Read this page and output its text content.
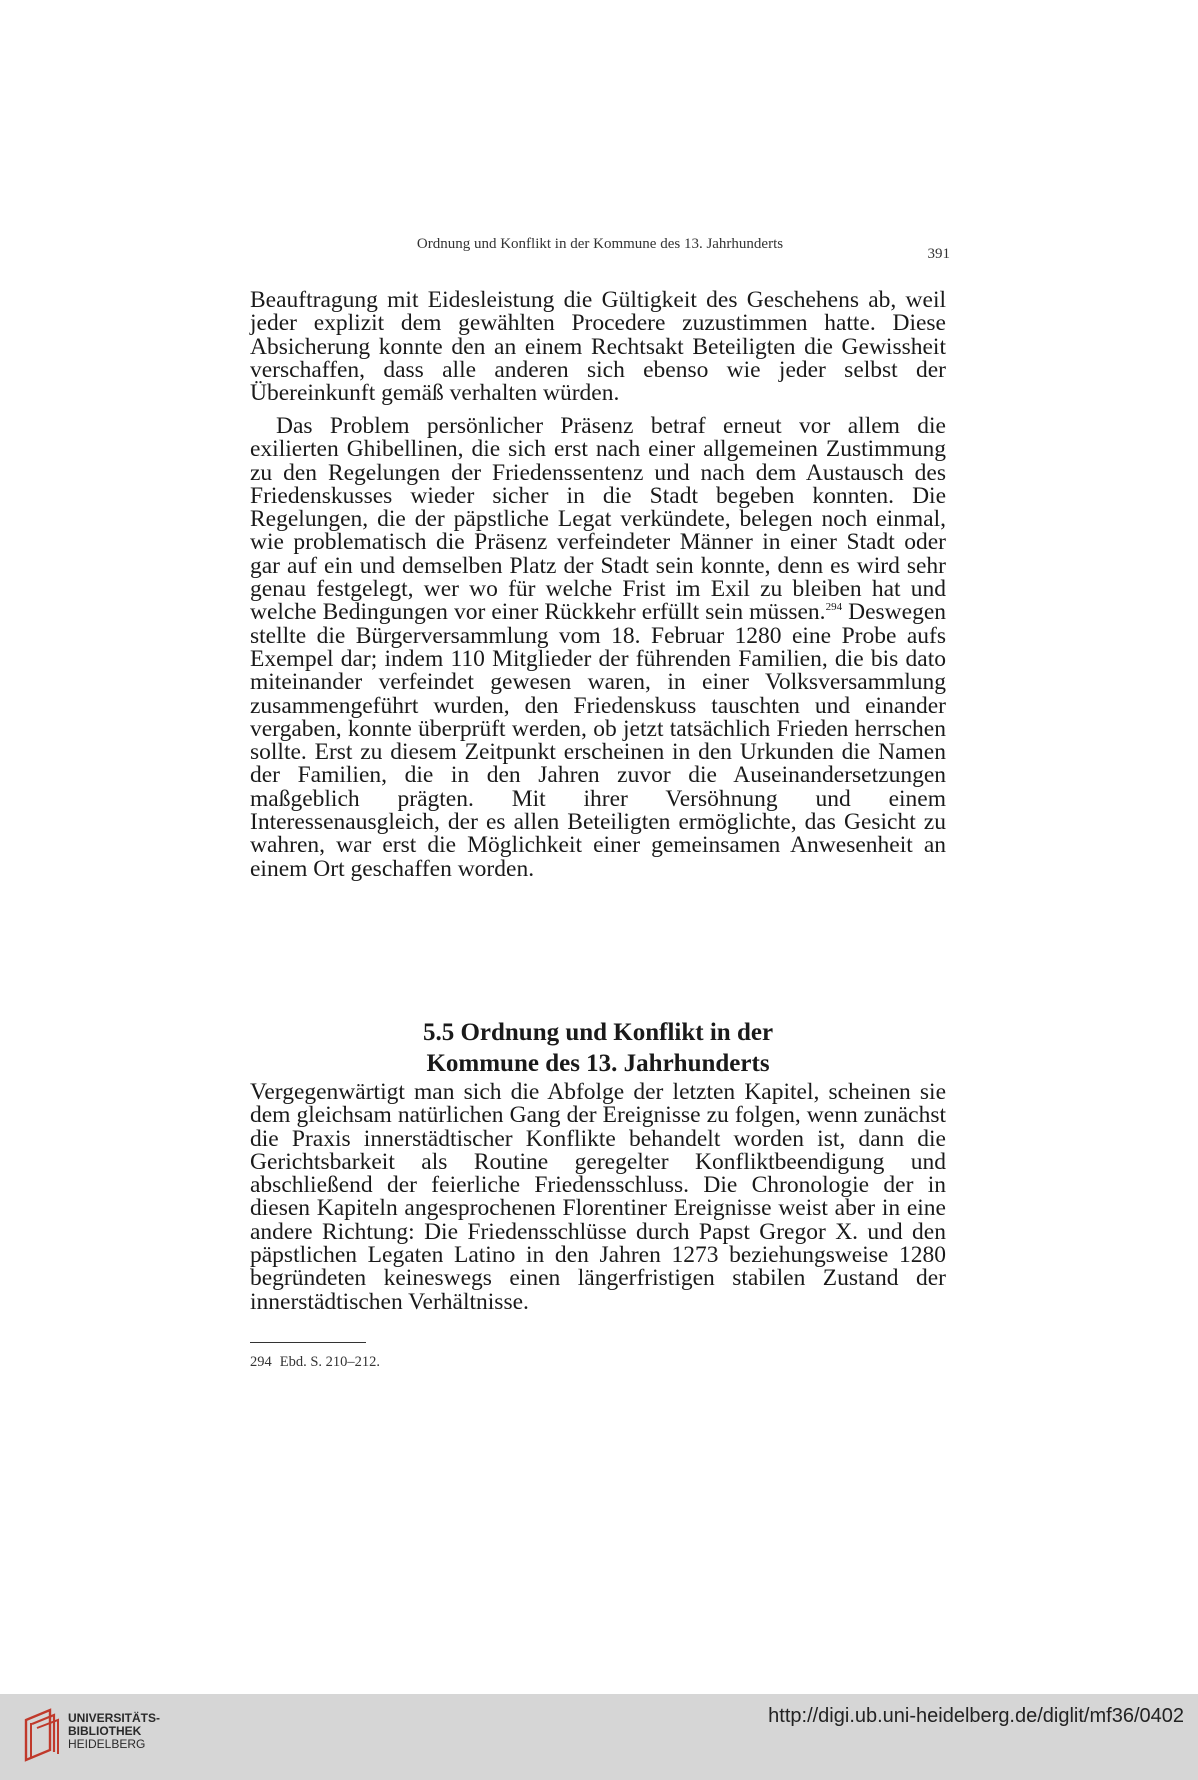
Ordnung und Konflikt in der Kommune des 13. Jahrhunderts
391

Beauftragung mit Eidesleistung die Gültigkeit des Geschehens ab, weil jeder explizit dem gewählten Procedere zuzustimmen hatte. Diese Absicherung konnte den an einem Rechtsakt Beteiligten die Gewissheit verschaffen, dass alle anderen sich ebenso wie jeder selbst der Übereinkunft gemäß verhalten würden.

Das Problem persönlicher Präsenz betraf erneut vor allem die exilierten Ghibellinen, die sich erst nach einer allgemeinen Zustimmung zu den Regelungen der Friedenssentenz und nach dem Austausch des Friedenskusses wieder sicher in die Stadt begeben konnten. Die Regelungen, die der päpstliche Legat verkündete, belegen noch einmal, wie problematisch die Präsenz verfeindeter Männer in einer Stadt oder gar auf ein und demselben Platz der Stadt sein konnte, denn es wird sehr genau festgelegt, wer wo für welche Frist im Exil zu bleiben hat und welche Bedingungen vor einer Rückkehr erfüllt sein müssen.$^{294}$ Deswegen stellte die Bürgerversammlung vom 18. Februar 1280 eine Probe aufs Exempel dar; indem 110 Mitglieder der führenden Familien, die bis dato miteinander verfeindet gewesen waren, in einer Volksversammlung zusammengeführt wurden, den Friedenskuss tauschten und einander vergaben, konnte überprüft werden, ob jetzt tatsächlich Frieden herrschen sollte. Erst zu diesem Zeitpunkt erscheinen in den Urkunden die Namen der Familien, die in den Jahren zuvor die Auseinandersetzungen maßgeblich prägten. Mit ihrer Versöhnung und einem Interessenausgleich, der es allen Beteiligten ermöglichte, das Gesicht zu wahren, war erst die Möglichkeit einer gemeinsamen Anwesenheit an einem Ort geschaffen worden.

5.5 Ordnung und Konflikt in der
Kommune des 13. Jahrhunderts

Vergegenwärtigt man sich die Abfolge der letzten Kapitel, scheinen sie dem gleichsam natürlichen Gang der Ereignisse zu folgen, wenn zunächst die Praxis innerstädtischer Konflikte behandelt worden ist, dann die Gerichtsbarkeit als Routine geregelter Konfliktbeendigung und abschließend der feierliche Friedensschluss. Die Chronologie der in diesen Kapiteln angesprochenen Florentiner Ereignisse weist aber in eine andere Richtung: Die Friedensschlüsse durch Papst Gregor X. und den päpstlichen Legaten Latino in den Jahren 1273 beziehungsweise 1280 begründeten keineswegs einen längerfristigen stabilen Zustand der innerstädtischen Verhältnisse.

294 Ebd. S. 210–212.
UNIVERSITÄTS-
BIBLIOTHEK
HEIDELBERG
http://digi.ub.uni-heidelberg.de/diglit/mf36/0402
